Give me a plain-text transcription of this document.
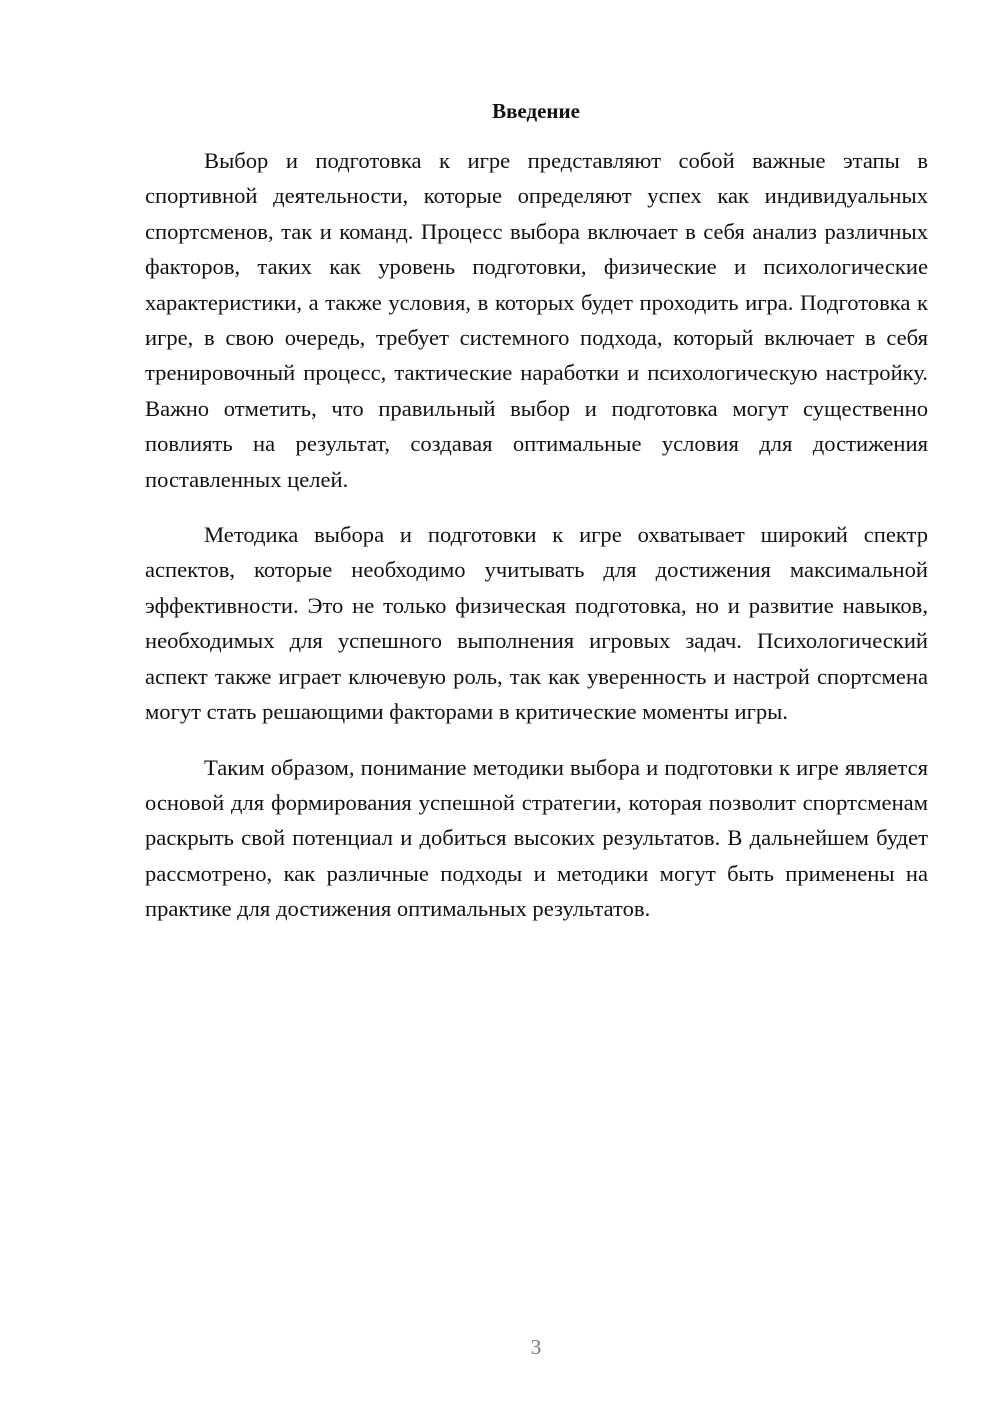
Введение

Выбор и подготовка к игре представляют собой важные этапы в спортивной деятельности, которые определяют успех как индивидуальных спортсменов, так и команд. Процесс выбора включает в себя анализ различных факторов, таких как уровень подготовки, физические и психологические характеристики, а также условия, в которых будет проходить игра. Подготовка к игре, в свою очередь, требует системного подхода, который включает в себя тренировочный процесс, тактические наработки и психологическую настройку. Важно отметить, что правильный выбор и подготовка могут существенно повлиять на результат, создавая оптимальные условия для достижения поставленных целей.

Методика выбора и подготовки к игре охватывает широкий спектр аспектов, которые необходимо учитывать для достижения максимальной эффективности. Это не только физическая подготовка, но и развитие навыков, необходимых для успешного выполнения игровых задач. Психологический аспект также играет ключевую роль, так как уверенность и настрой спортсмена могут стать решающими факторами в критические моменты игры.

Таким образом, понимание методики выбора и подготовки к игре является основой для формирования успешной стратегии, которая позволит спортсменам раскрыть свой потенциал и добиться высоких результатов. В дальнейшем будет рассмотрено, как различные подходы и методики могут быть применены на практике для достижения оптимальных результатов.

3
